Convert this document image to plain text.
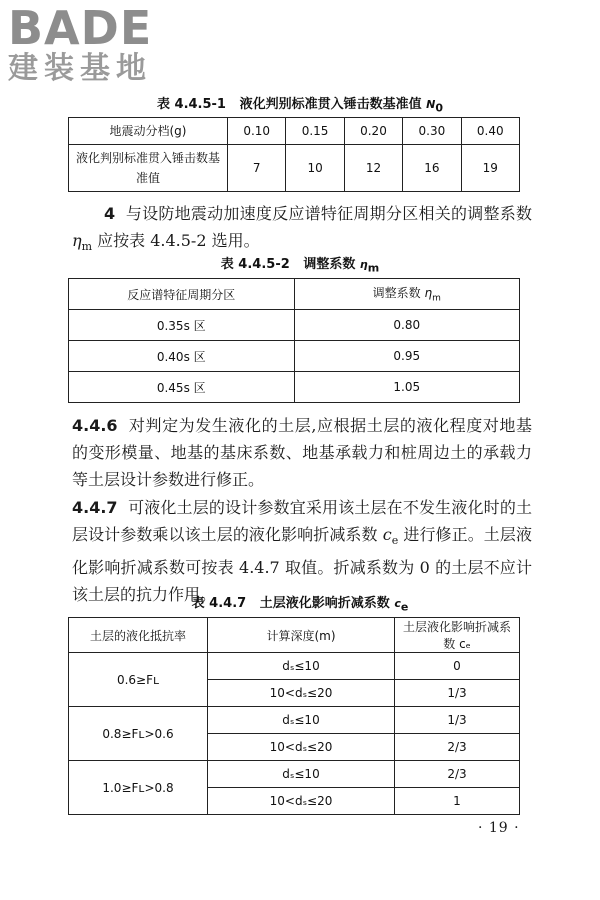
BADE
建装基地
表 4.4.5-1 液化判别标准贯入锤击数基准值 $N_0$
地震动分档(g)	0.10	0.15	0.20	0.30	0.40
液化判别标准贯入锤击数基准值	7	10	12	16	19
4 与设防地震动加速度反应谱特征周期分区相关的调整系数 $\eta_m$ 应按表 4.4.5-2 选用。
表 4.4.5-2 调整系数 $\eta_m$
反应谱特征周期分区	调整系数 $\eta_m$
0.35s 区	0.80
0.40s 区	0.95
0.45s 区	1.05
4.4.6 对判定为发生液化的土层,应根据土层的液化程度对地基的变形模量、地基的基床系数、地基承载力和桩周边土的承载力等土层设计参数进行修正。
4.4.7 可液化土层的设计参数宜采用该土层在不发生液化时的土层设计参数乘以该土层的液化影响折减系数 $c_e$ 进行修正。土层液化影响折减系数可按表 4.4.7 取值。折减系数为 0 的土层不应计该土层的抗力作用。
表 4.4.7 土层液化影响折减系数 $c_e$
土层的液化抵抗率	计算深度(m)	土层液化影响折减系数 cₑ
0.6≥Fʟ	dₛ≤10	0
	10<dₛ≤20	1/3
0.8≥Fʟ>0.6	dₛ≤10	1/3
	10<dₛ≤20	2/3
1.0≥Fʟ>0.8	dₛ≤10	2/3
	10<dₛ≤20	1
· 19 ·
